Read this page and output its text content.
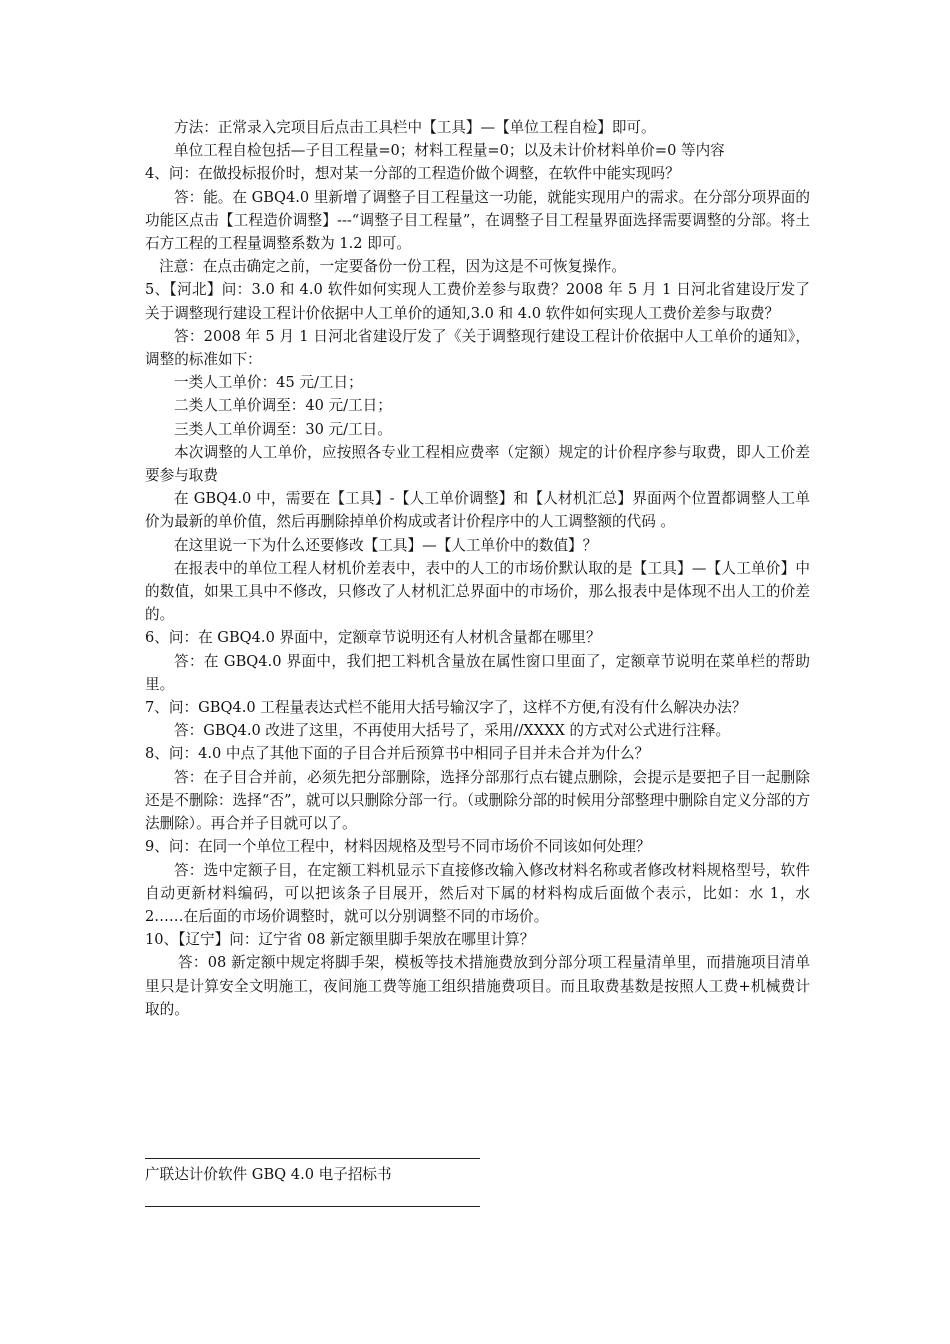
方法：正常录入完项目后点击工具栏中【工具】—【单位工程自检】即可。

单位工程自检包括—子目工程量=0；材料工程量=0；以及未计价材料单价=0 等内容

4、问：在做投标报价时，想对某一分部的工程造价做个调整，在软件中能实现吗？

答：能。在 GBQ4.0 里新增了调整子目工程量这一功能，就能实现用户的需求。在分部分项界面的功能区点击【工程造价调整】---“调整子目工程量”，在调整子目工程量界面选择需要调整的分部。将土石方工程的工程量调整系数为 1.2 即可。

注意：在点击确定之前，一定要备份一份工程，因为这是不可恢复操作。

5、【河北】问：3.0 和 4.0 软件如何实现人工费价差参与取费？2008 年 5 月 1 日河北省建设厅发了关于调整现行建设工程计价依据中人工单价的通知,3.0 和 4.0 软件如何实现人工费价差参与取费？

答：2008 年 5 月 1 日河北省建设厅发了《关于调整现行建设工程计价依据中人工单价的通知》，调整的标准如下：

一类人工单价：45 元/工日；

二类人工单价调至：40 元/工日；

三类人工单价调至：30 元/工日。

本次调整的人工单价，应按照各专业工程相应费率（定额）规定的计价程序参与取费，即人工价差要参与取费

在 GBQ4.0 中，需要在【工具】-【人工单价调整】和【人材机汇总】界面两个位置都调整人工单价为最新的单价值，然后再删除掉单价构成或者计价程序中的人工调整额的代码 。

在这里说一下为什么还要修改【工具】—【人工单价中的数值】？

在报表中的单位工程人材机价差表中，表中的人工的市场价默认取的是【工具】—【人工单价】中的数值，如果工具中不修改，只修改了人材机汇总界面中的市场价，那么报表中是体现不出人工的价差的。

6、问：在 GBQ4.0 界面中，定额章节说明还有人材机含量都在哪里？

答：在 GBQ4.0 界面中，我们把工料机含量放在属性窗口里面了，定额章节说明在菜单栏的帮助里。

7、问：GBQ4.0 工程量表达式栏不能用大括号输汉字了，这样不方便,有没有什么解决办法？

答：GBQ4.0 改进了这里，不再使用大括号了，采用//XXXX 的方式对公式进行注释。

8、问：4.0 中点了其他下面的子目合并后预算书中相同子目并未合并为什么？

答：在子目合并前，必须先把分部删除，选择分部那行点右键点删除，会提示是要把子目一起删除还是不删除：选择“否”，就可以只删除分部一行。（或删除分部的时候用分部整理中删除自定义分部的方法删除）。再合并子目就可以了。

9、问：在同一个单位工程中，材料因规格及型号不同市场价不同该如何处理？

答：选中定额子目，在定额工料机显示下直接修改输入修改材料名称或者修改材料规格型号，软件自动更新材料编码，可以把该条子目展开，然后对下属的材料构成后面做个表示，比如：水 1，水 2……在后面的市场价调整时，就可以分别调整不同的市场价。

10、【辽宁】问：辽宁省 08 新定额里脚手架放在哪里计算？

答：08 新定额中规定将脚手架，模板等技术措施费放到分部分项工程量清单里，而措施项目清单里只是计算安全文明施工，夜间施工费等施工组织措施费项目。而且取费基数是按照人工费+机械费计取的。

广联达计价软件 GBQ 4.0 电子招标书
